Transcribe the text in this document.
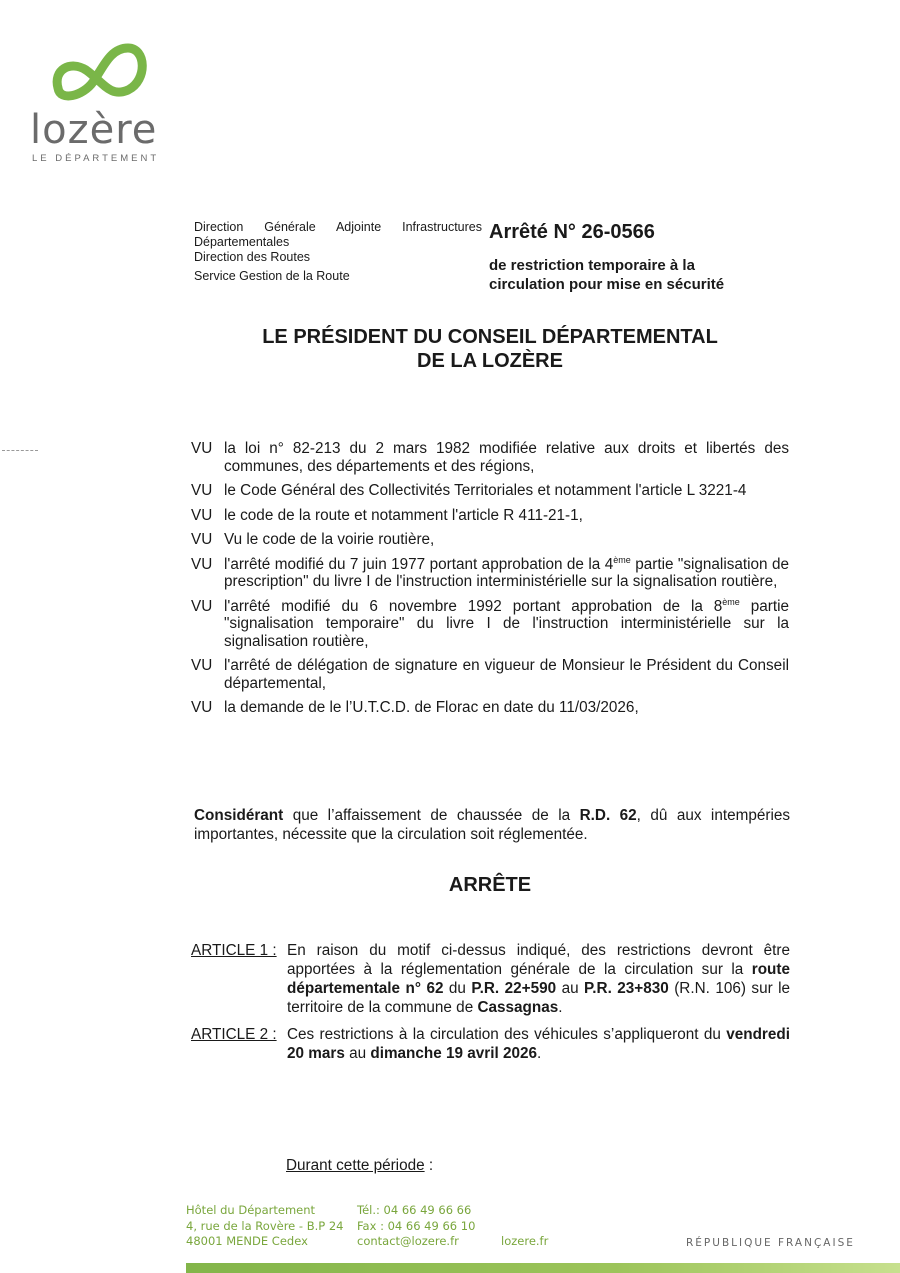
lozère
LE DÉPARTEMENT
Direction Générale Adjointe Infrastructures
Départementales
Direction des Routes
Service Gestion de la Route
Arrêté N° 26-0566
de restriction temporaire à la
circulation pour mise en sécurité
LE PRÉSIDENT DU CONSEIL DÉPARTEMENTAL
DE LA LOZÈRE
VU la loi n° 82-213 du 2 mars 1982 modifiée relative aux droits et libertés des communes, des départements et des régions,
VU le Code Général des Collectivités Territoriales et notamment l'article L 3221-4
VU le code de la route et notamment l'article R 411-21-1,
VU Vu le code de la voirie routière,
VU l'arrêté modifié du 7 juin 1977 portant approbation de la 4ème partie "signalisation de prescription" du livre I de l'instruction interministérielle sur la signalisation routière,
VU l'arrêté modifié du 6 novembre 1992 portant approbation de la 8ème partie "signalisation temporaire" du livre I de l'instruction interministérielle sur la signalisation routière,
VU l'arrêté de délégation de signature en vigueur de Monsieur le Président du Conseil départemental,
VU la demande de le l’U.T.C.D. de Florac en date du 11/03/2026,
Considérant que l’affaissement de chaussée de la R.D. 62, dû aux intempéries importantes, nécessite que la circulation soit réglementée.
ARRÊTE
ARTICLE 1 : En raison du motif ci-dessus indiqué, des restrictions devront être apportées à la réglementation générale de la circulation sur la route départementale n° 62 du P.R. 22+590 au P.R. 23+830 (R.N. 106) sur le territoire de la commune de Cassagnas.
ARTICLE 2 : Ces restrictions à la circulation des véhicules s’appliqueront du vendredi 20 mars au dimanche 19 avril 2026.
Durant cette période :
Hôtel du Département
4, rue de la Rovère - B.P 24
48001 MENDE Cedex
Tél.: 04 66 49 66 66
Fax : 04 66 49 66 10
contact@lozere.fr	lozere.fr	RÉPUBLIQUE FRANÇAISE
